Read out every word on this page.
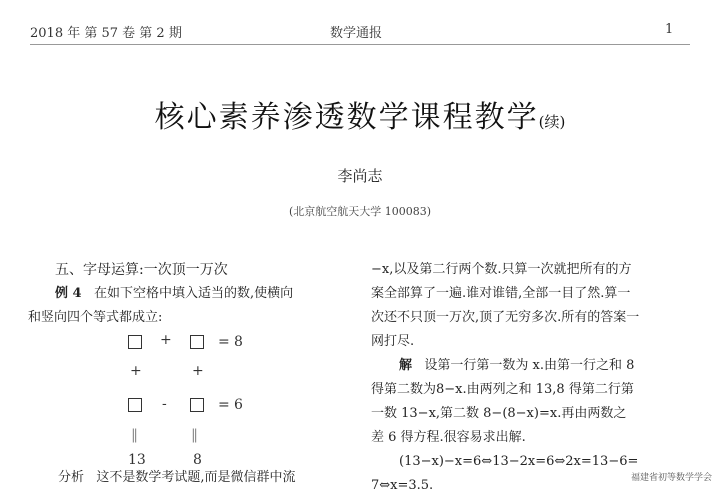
2018 年 第 57 卷 第 2 期	数学通报	1
核心素养渗透数学课程教学(续)
李尚志
(北京航空航天大学 100083)

五、字母运算:一次顶一万次

例 4 在如下空格中填入适当的数,使横向

和竖向四个等式都成立:

+	= 8
+	+
-	= 6
‖	‖
13	8

分析 这不是数学考试题,而是微信群中流

−x,以及第二行两个数.只算一次就把所有的方

案全部算了一遍.谁对谁错,全部一目了然.算一

次还不只顶一万次,顶了无穷多次.所有的答案一

网打尽.

解 设第一行第一数为 x.由第一行之和 8

得第二数为8−x.由两列之和 13,8 得第二行第

一数 13−x,第二数 8−(8−x)=x.再由两数之

差 6 得方程.很容易求出解.

(13−x)−x=6⇔13−2x=6⇔2x=13−6=

7⇔x=3.5.	福建省初等数学学会
